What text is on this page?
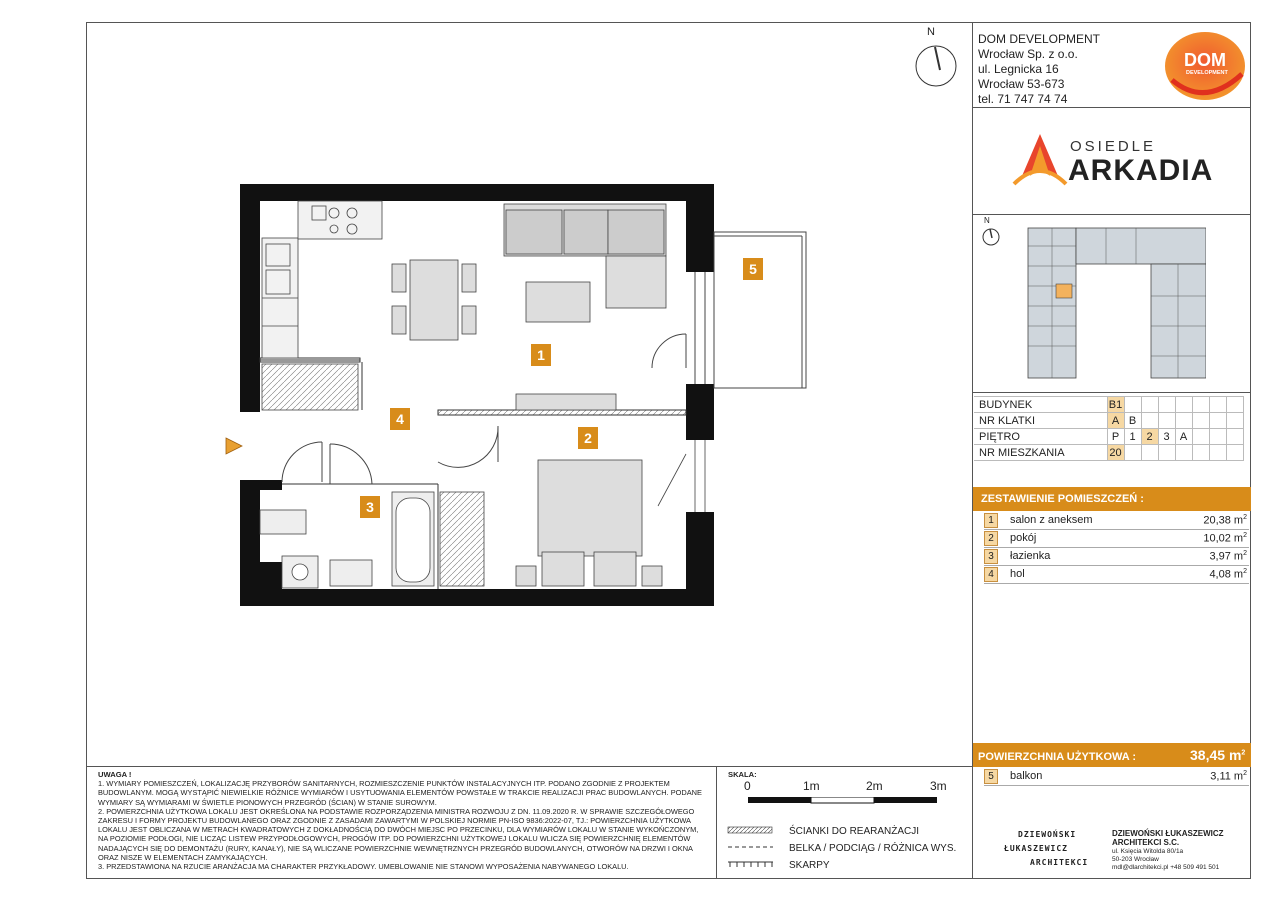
N	DOM DEVELOPMENT
Wrocław Sp. z o.o.
ul. Legnicka 16
Wrocław 53-673
tel. 71 747 74 74
DOM
DEVELOPMENT
OSIEDLE
ARKADIA
N
BUDYNEK	B1							
NR KLATKI	A	B						
PIĘTRO	P	1	2	3	A			
NR MIESZKANIA	20							
ZESTAWIENIE POMIESZCZEŃ :
1	salon z aneksem	20,38 $m^2$
2	pokój	10,02 $m^2$
3	łazienka	3,97 $m^2$
4	hol	4,08 $m^2$
POWIERZCHNIA UŻYTKOWA :	38,45 $m^2$
5	balkon	3,11 $m^2$
1
2
3
4
5
UWAGA !
1. WYMIARY POMIESZCZEŃ, LOKALIZACJĘ PRZYBORÓW SANITARNYCH, ROZMIESZCZENIE PUNKTÓW INSTALACYJNYCH ITP. PODANO ZGODNIE Z PROJEKTEM BUDOWLANYM. MOGĄ WYSTĄPIĆ NIEWIELKIE RÓŻNICE WYMIARÓW I USYTUOWANIA ELEMENTÓW POWSTAŁE W TRAKCIE REALIZACJI PRAC BUDOWLANYCH. PODANE WYMIARY SĄ WYMIARAMI W ŚWIETLE PIONOWYCH PRZEGRÓD (ŚCIAN) W STANIE SUROWYM.
2. POWIERZCHNIA UŻYTKOWA LOKALU JEST OKREŚLONA NA PODSTAWIE ROZPORZĄDZENIA MINISTRA ROZWOJU Z DN. 11.09.2020 R. W SPRAWIE SZCZEGÓŁOWEGO ZAKRESU I FORMY PROJEKTU BUDOWLANEGO ORAZ ZGODNIE Z ZASADAMI ZAWARTYMI W POLSKIEJ NORMIE PN-ISO 9836:2022-07, TJ.: POWIERZCHNIA UŻYTKOWA LOKALU JEST OBLICZANA W METRACH KWADRATOWYCH Z DOKŁADNOŚCIĄ DO DWÓCH MIEJSC PO PRZECINKU, DLA WYMIARÓW LOKALU W STANIE WYKOŃCZONYM, NA POZIOMIE PODŁOGI, NIE LICZĄC LISTEW PRZYPODŁOGOWYCH, PROGÓW ITP. DO POWIERZCHNI UŻYTKOWEJ LOKALU WLICZA SIĘ POWIERZCHNIĘ ELEMENTÓW NADAJĄCYCH SIĘ DO DEMONTAŻU (RURY, KANAŁY), NIE SĄ WLICZANE POWIERZCHNIE WEWNĘTRZNYCH PRZEGRÓD BUDOWLANYCH, OTWORÓW NA DRZWI I OKNA ORAZ NISZE W ELEMENTACH ZAMYKAJĄCYCH.
3. PRZEDSTAWIONA NA RZUCIE ARANŻACJA MA CHARAKTER PRZYKŁADOWY. UMEBLOWANIE NIE STANOWI WYPOSAŻENIA NABYWANEGO LOKALU.
SKALA:
0	1m	2m	3m
ŚCIANKI DO REARANŻACJI
BELKA / PODCIĄG / RÓŻNICA WYS.
SKARPY
DZIEWOŃSKI
ŁUKASZEWICZ
ARCHITEKCI
DZIEWOŃSKI ŁUKASZEWICZ
ARCHITEKCI S.C.
ul. Księcia Witolda 80/1a
50-203 Wrocław
mdl@dlarchitekci.pl +48 509 491 501
